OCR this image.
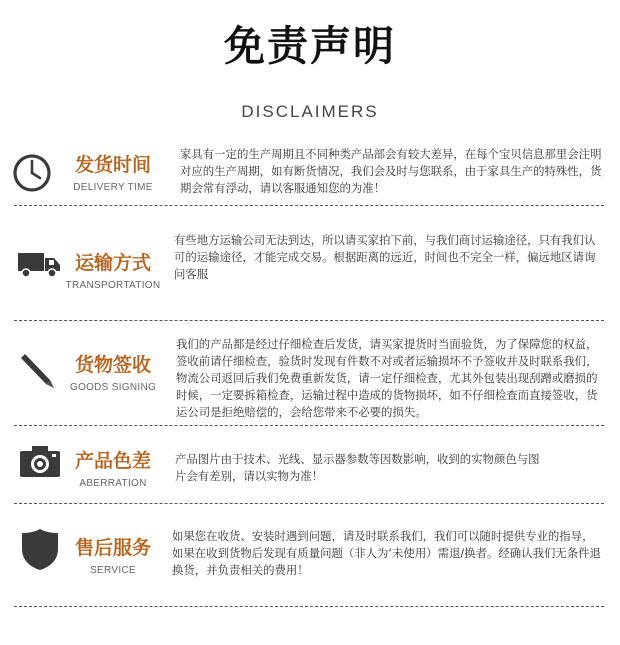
免责声明
DISCLAIMERS
发货时间
DELIVERY TIME
家具有一定的生产周期且不同种类产品部会有较大差异，在每个宝贝信息那里会注明对应的生产周期，如有断货情况，我们会及时与您联系，由于家具生产的特殊性，货期会常有浮动，请以客服通知您的为准！
运输方式
TRANSPORTATION
有些地方运输公司无法到达，所以请买家拍下前，与我们商讨运输途径，只有我们认可的运输途径，才能完成交易。根据距离的远近，时间也不完全一样，偏远地区请询问客服
货物签收
GOODS SIGNING
我们的产品都是经过仔细检查后发货，请买家提货时当面验货，为了保障您的权益，签收前请仔细检查，验货时发现有件数不对或者运输损坏不予签收并及时联系我们，物流公司返回后我们免费重新发货，请一定仔细检查，尤其外包装出现刮蹭或磨损的时候，一定要拆箱检查，运输过程中造成的货物损坏，如不仔细检查而直接签收，货运公司是拒绝赔偿的，会给您带来不必要的损失。
产品色差
ABERRATION
产品图片由于技术、光线、显示器参数等因数影响，收到的实物颜色与图片会有差别，请以实物为准！
售后服务
SERVICE
如果您在收货、安装时遇到问题，请及时联系我们，我们可以随时提供专业的指导，如果在收到货物后发现有质量问题（非人为‘未使用）需退/换者。经确认我们无条件退换货，并负责相关的费用！
